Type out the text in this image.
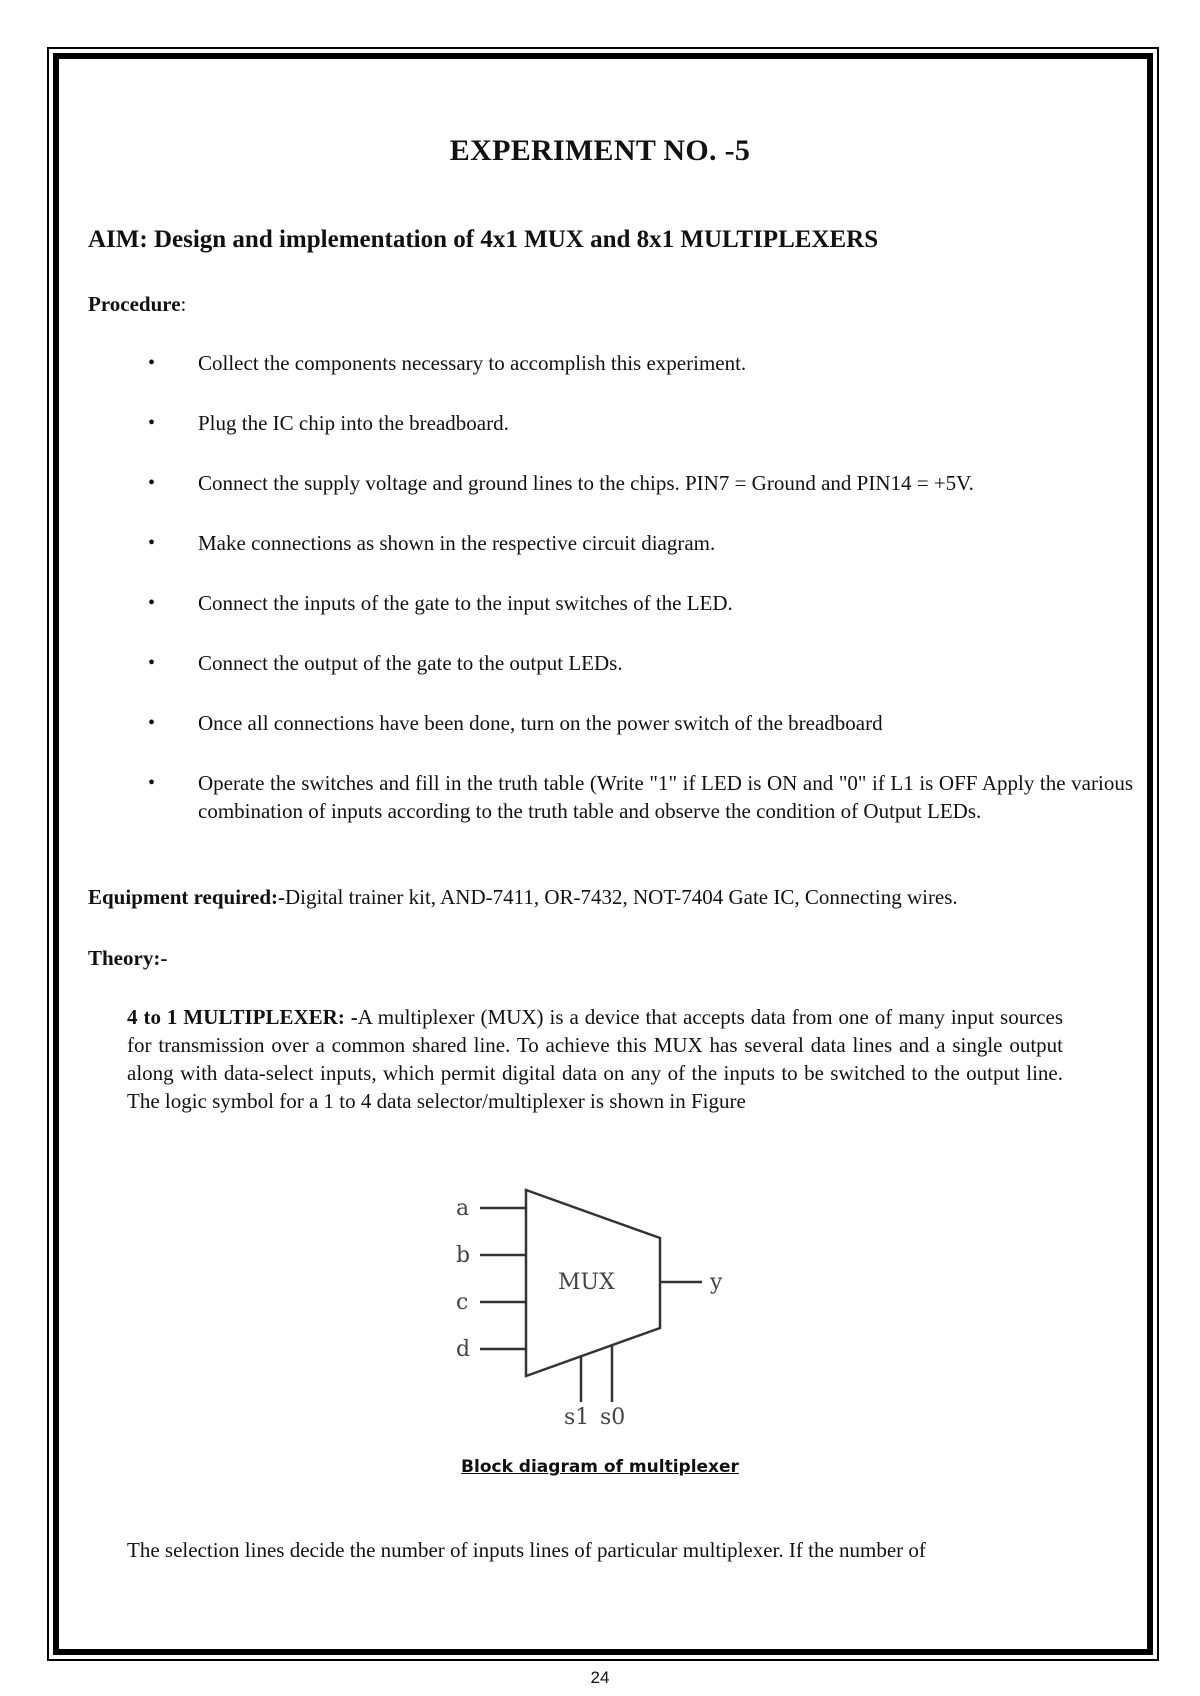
EXPERIMENT NO. -5
AIM: Design and implementation of 4x1 MUX and 8x1 MULTIPLEXERS
Procedure:
• Collect the components necessary to accomplish this experiment.
• Plug the IC chip into the breadboard.
• Connect the supply voltage and ground lines to the chips. PIN7 = Ground and PIN14 = +5V.
• Make connections as shown in the respective circuit diagram.
• Connect the inputs of the gate to the input switches of the LED.
• Connect the output of the gate to the output LEDs.
• Once all connections have been done, turn on the power switch of the breadboard
• Operate the switches and fill in the truth table (Write "1" if LED is ON and "0" if L1 is OFF Apply the various combination of inputs according to the truth table and observe the condition of Output LEDs.
Equipment required:-Digital trainer kit, AND-7411, OR-7432, NOT-7404 Gate IC, Connecting wires.
Theory:-
4 to 1 MULTIPLEXER: -A multiplexer (MUX) is a device that accepts data from one of many input sources for transmission over a common shared line. To achieve this MUX has several data lines and a single output along with data-select inputs, which permit digital data on any of the inputs to be switched to the output line. The logic symbol for a 1 to 4 data selector/multiplexer is shown in Figure
a
b
c
d
y
MUX
s1 s0
Block diagram of multiplexer
The selection lines decide the number of inputs lines of particular multiplexer. If the number of
24
